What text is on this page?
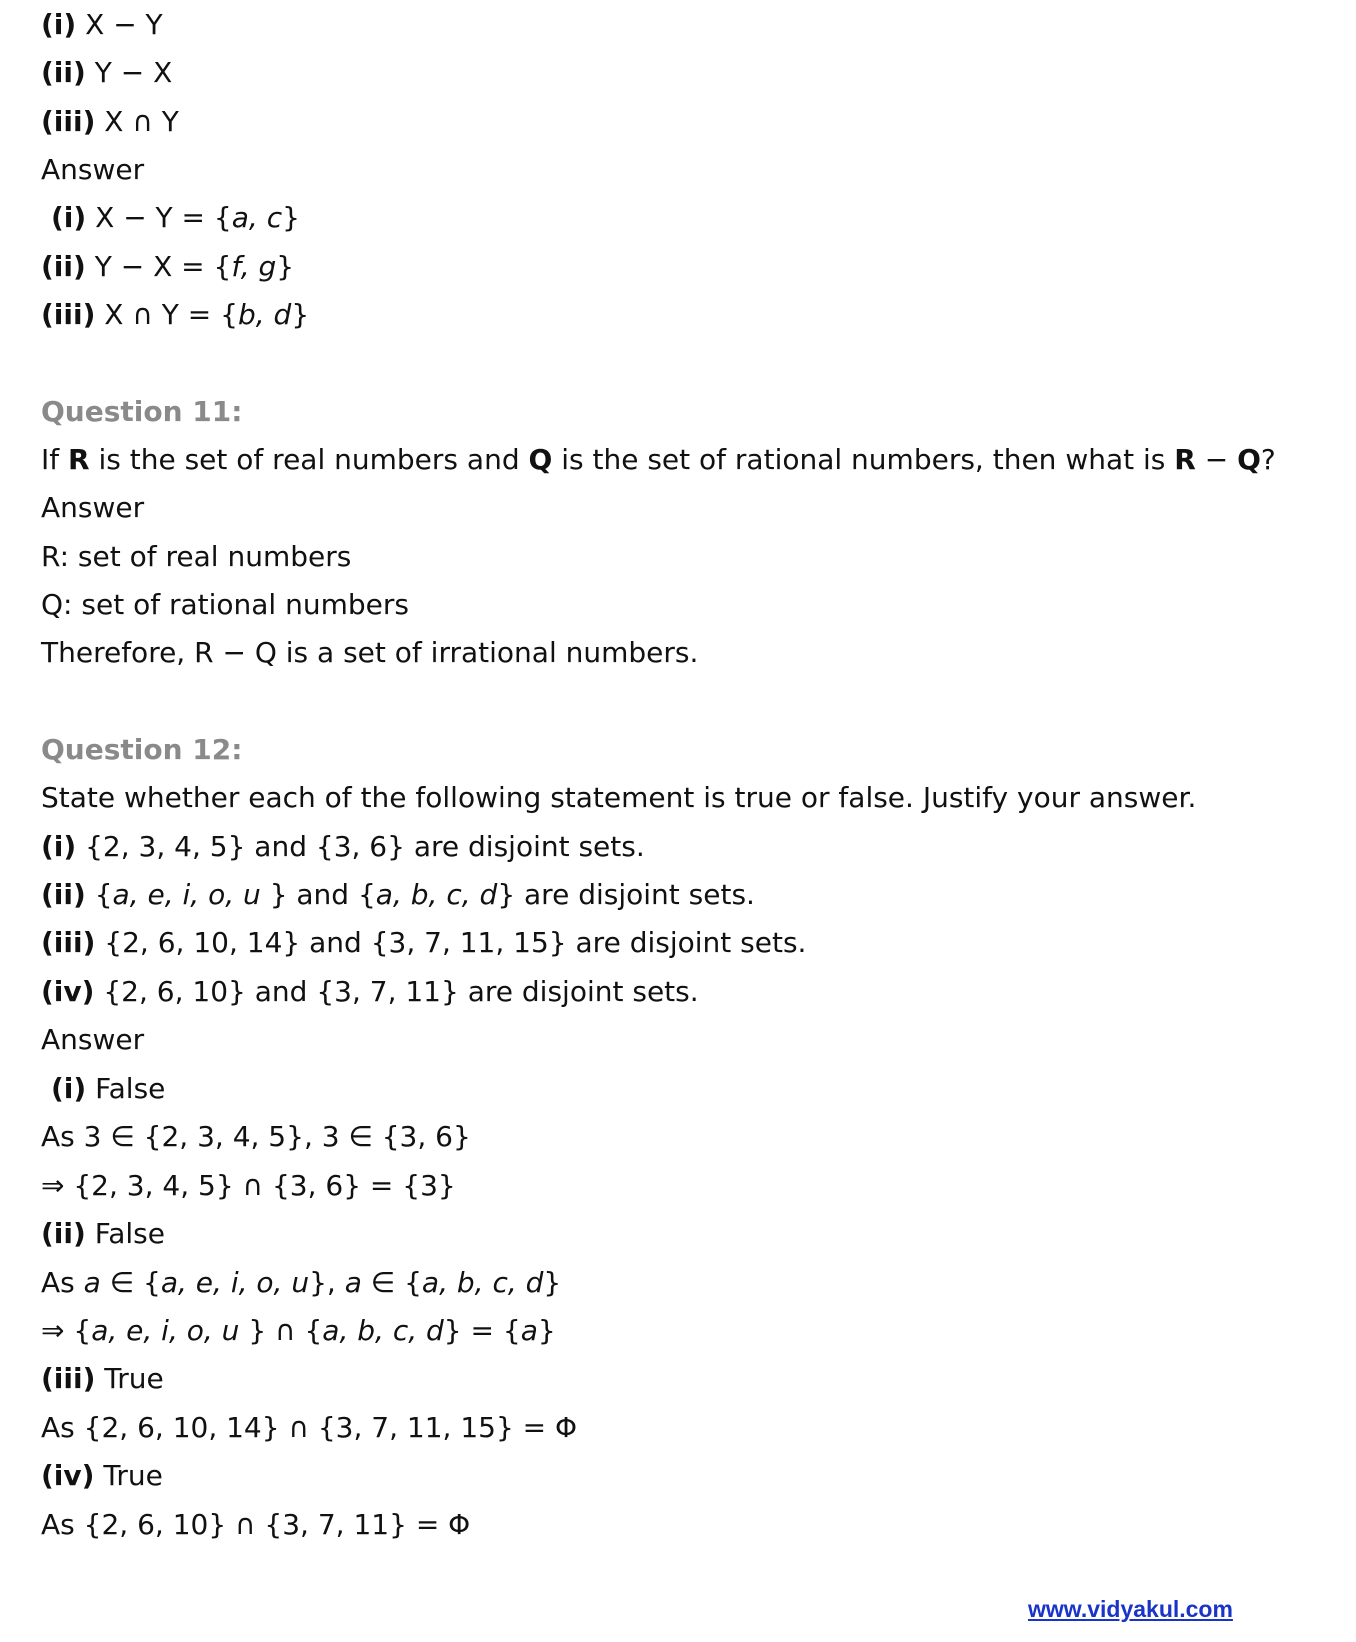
(i) X − Y
(ii) Y − X
(iii) X ∩ Y
Answer
(i) X − Y = {a, c}
(ii) Y − X = {f, g}
(iii) X ∩ Y = {b, d}
Question 11:
If R is the set of real numbers and Q is the set of rational numbers, then what is R − Q?
Answer
R: set of real numbers
Q: set of rational numbers
Therefore, R − Q is a set of irrational numbers.
Question 12:
State whether each of the following statement is true or false. Justify your answer.
(i) {2, 3, 4, 5} and {3, 6} are disjoint sets.
(ii) {a, e, i, o, u } and {a, b, c, d} are disjoint sets.
(iii) {2, 6, 10, 14} and {3, 7, 11, 15} are disjoint sets.
(iv) {2, 6, 10} and {3, 7, 11} are disjoint sets.
Answer
(i) False
As 3 ∈ {2, 3, 4, 5}, 3 ∈ {3, 6}
⇒ {2, 3, 4, 5} ∩ {3, 6} = {3}
(ii) False
As a ∈ {a, e, i, o, u}, a ∈ {a, b, c, d}
⇒ {a, e, i, o, u } ∩ {a, b, c, d} = {a}
(iii) True
As {2, 6, 10, 14} ∩ {3, 7, 11, 15} = Φ
(iv) True
As {2, 6, 10} ∩ {3, 7, 11} = Φ
www.vidyakul.com
